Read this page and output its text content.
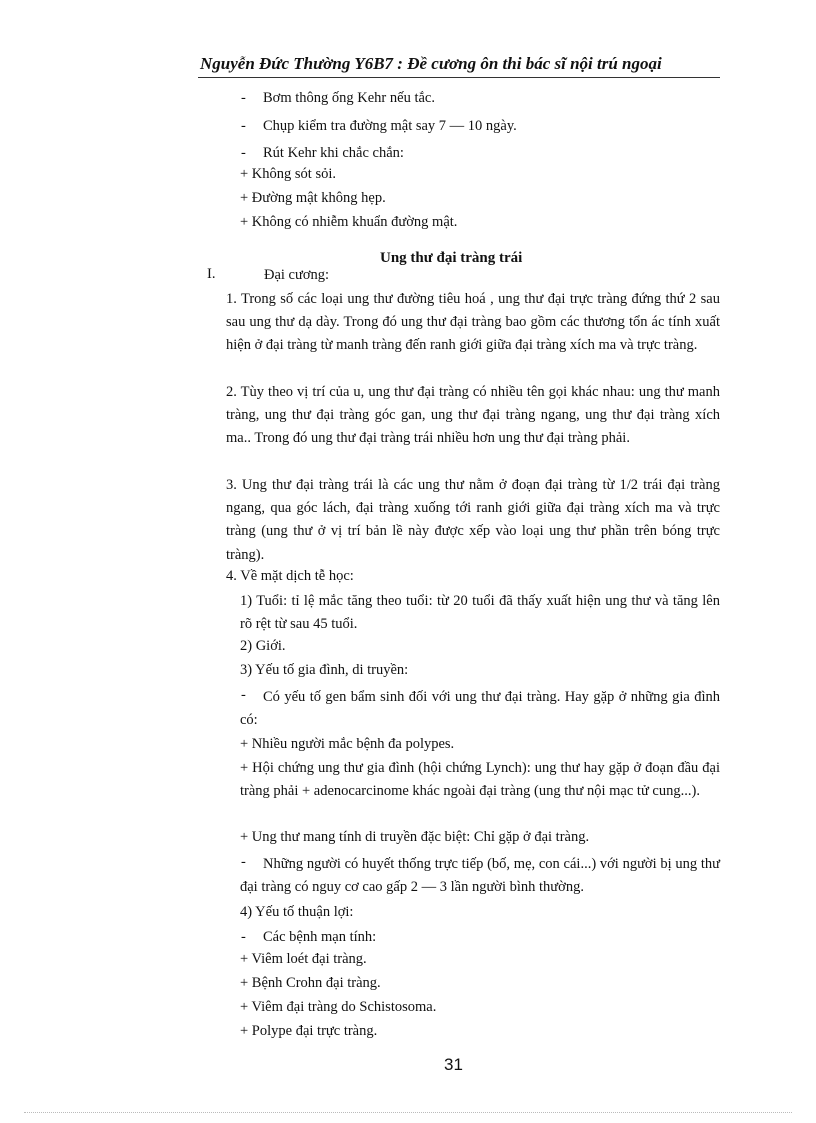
Nguyễn Đức Thường Y6B7 : Đề cương ôn thi bác sĩ nội trú ngoại
- Bơm thông ống Kehr nếu tắc.
- Chụp kiểm tra đường mật say 7 — 10 ngày.
- Rút Kehr khi chắc chắn:
+ Không sót sỏi.
+ Đường mật không hẹp.
+ Không có nhiễm khuẩn đường mật.
Ung thư đại tràng trái
I.	Đại cương:
1. Trong số các loại ung thư đường tiêu hoá , ung thư đại trực tràng đứng thứ 2 sau sau ung thư dạ dày. Trong đó ung thư đại tràng bao gồm các thương tổn ác tính xuất hiện ở đại tràng từ manh tràng đến ranh giới giữa đại tràng xích ma và trực tràng.
2. Tùy theo vị trí của u, ung thư đại tràng có nhiều tên gọi khác nhau: ung thư manh tràng, ung thư đại tràng góc gan, ung thư đại tràng ngang, ung thư đại tràng xích ma.. Trong đó ung thư đại tràng trái nhiều hơn ung thư đại tràng phải.
3. Ung thư đại tràng trái là các ung thư nằm ở đoạn đại tràng từ 1/2 trái đại tràng ngang, qua góc lách, đại tràng xuống tới ranh giới giữa đại tràng xích ma và trực tràng (ung thư ở vị trí bản lề này được xếp vào loại ung thư phần trên bóng trực tràng).
4. Về mặt dịch tễ học:
1) Tuổi: tỉ lệ mắc tăng theo tuổi: từ 20 tuổi đã thấy xuất hiện ung thư và tăng lên rõ rệt từ sau 45 tuổi.
2) Giới.
3) Yếu tố gia đình, di truyền:
-	Có yếu tố gen bẩm sinh đối với ung thư đại tràng. Hay gặp ở những gia đình có:
+ Nhiều người mắc bệnh đa polypes.
+ Hội chứng ung thư gia đình (hội chứng Lynch): ung thư hay gặp ở đoạn đầu đại tràng phải + adenocarcinome khác ngoài đại tràng (ung thư nội mạc tử cung...).
+ Ung thư mang tính di truyền đặc biệt: Chỉ gặp ở đại tràng.
-	Những người có huyết thống trực tiếp (bố, mẹ, con cái...) với người bị ung thư đại tràng có nguy cơ cao gấp 2 — 3 lần người bình thường.
4) Yếu tố thuận lợi:
- Các bệnh mạn tính:
+ Viêm loét đại tràng.
+ Bệnh Crohn đại tràng.
+ Viêm đại tràng do Schistosoma.
+ Polype đại trực tràng.
31
